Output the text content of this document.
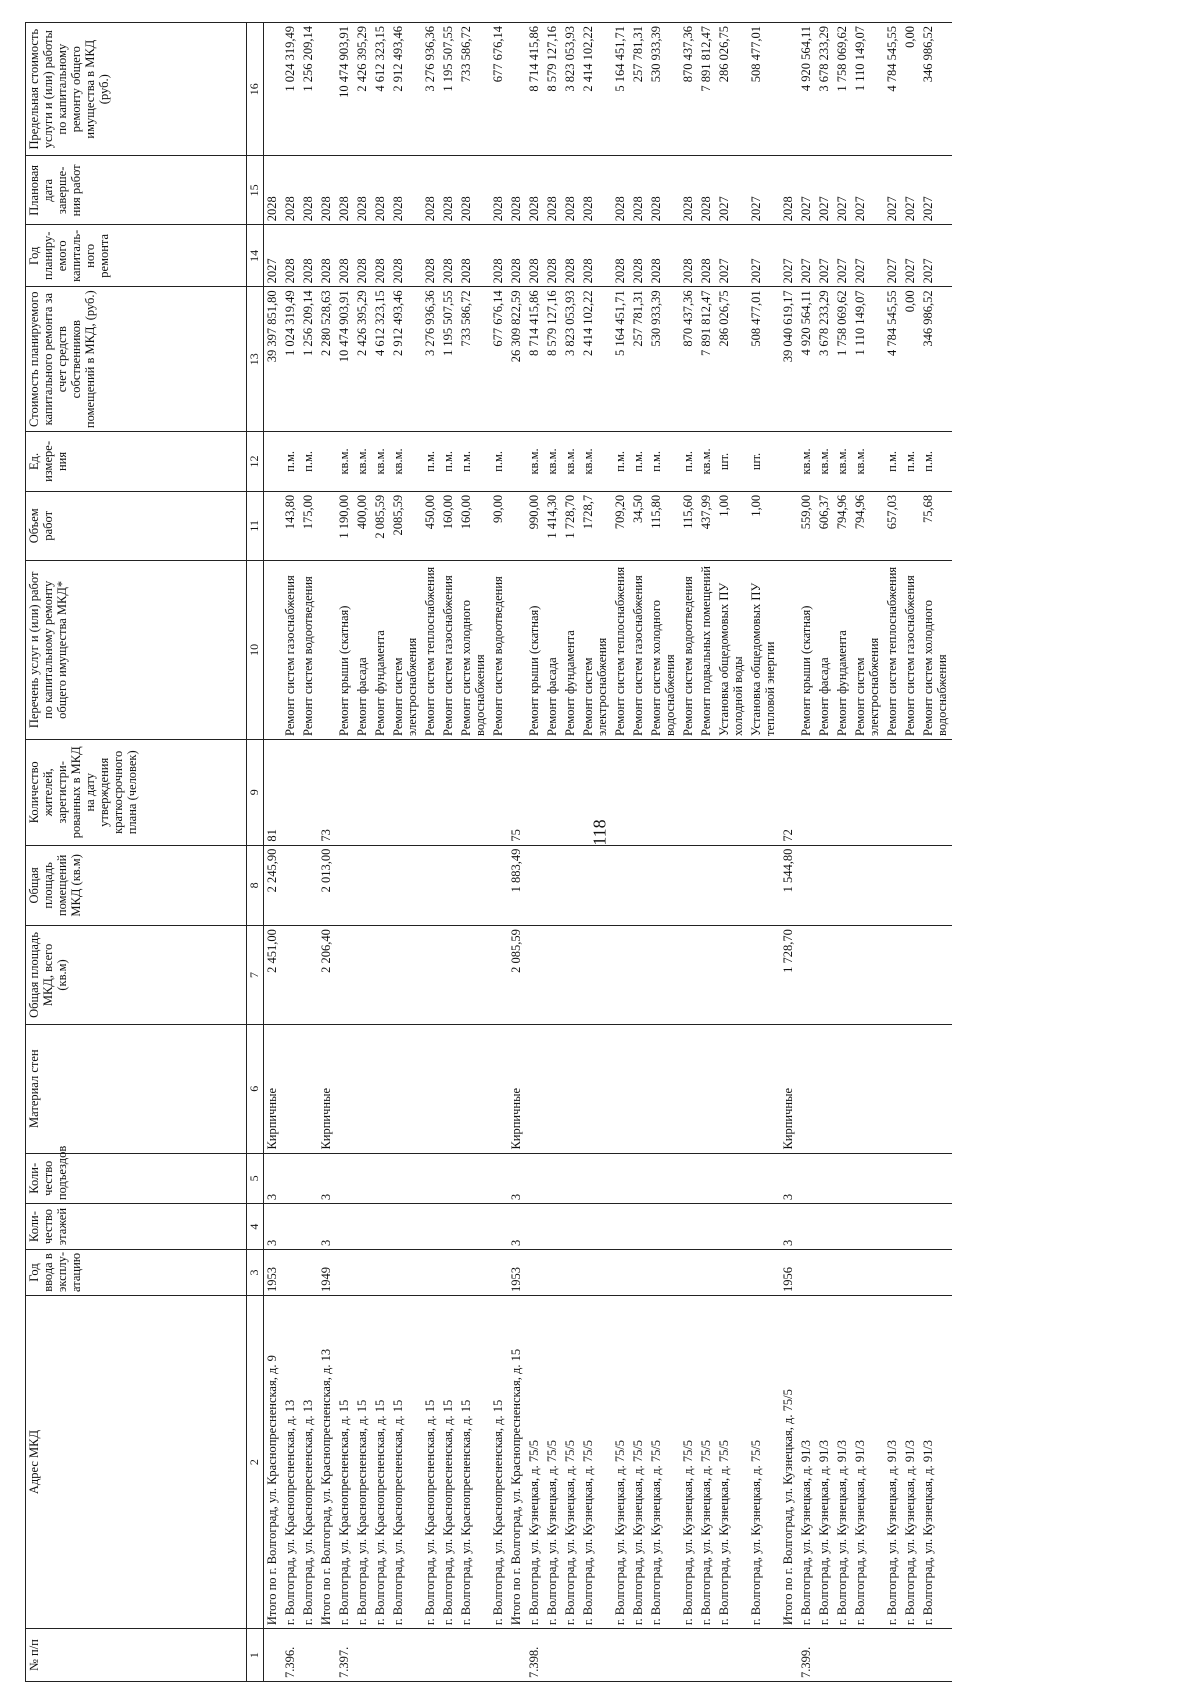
118
№ п/п	Адрес МКД	Год ввода в эксплу-атацию	Коли-чество этажей	Коли-чество подъездов	Материал стен	Общая площадь МКД, всего (кв.м)	Общая площадь помещений МКД (кв.м)	Количество жителей, зарегистри-рованных в МКД на дату утверждения краткосрочного плана (человек)	Перечень услуг и (или) работ по капитальному ремонту общего имущества МКД*	Объем работ	Ед. измере-ния	Стоимость планируемого капитального ремонта за счет средств собственников помещений в МКД, (руб.)	Год планиру-емого капиталь-ного ремонта	Плановая дата заверше-ния работ	Предельная стоимость услуги и (или) работы по капитальному ремонту общего имущества в МКД (руб.)
1	2	3	4	5	6	7	8	9	10	11	12	13	14	15	16
	Итого по г. Волгоград, ул. Краснопресненская, д. 9	1953	3	3	Кирпичные	2 451,00	2 245,90	81				39 397 851,80	2027	2028	
7.396.	г. Волгоград, ул. Краснопресненская, д. 13								Ремонт систем газоснабжения	143,80	п.м.	1 024 319,49	2028	2028	1 024 319,49
	г. Волгоград, ул. Краснопресненская, д. 13								Ремонт систем водоотведения	175,00	п.м.	1 256 209,14	2028	2028	1 256 209,14
	Итого по г. Волгоград, ул. Краснопресненская, д. 13	1949	3	3	Кирпичные	2 206,40	2 013,00	73				2 280 528,63	2028	2028	
7.397.	г. Волгоград, ул. Краснопресненская, д. 15								Ремонт крыши (скатная)	1 190,00	кв.м.	10 474 903,91	2028	2028	10 474 903,91
	г. Волгоград, ул. Краснопресненская, д. 15								Ремонт фасада	400,00	кв.м.	2 426 395,29	2028	2028	2 426 395,29
	г. Волгоград, ул. Краснопресненская, д. 15								Ремонт фундамента	2 085,59	кв.м.	4 612 323,15	2028	2028	4 612 323,15
	г. Волгоград, ул. Краснопресненская, д. 15								Ремонт систем электроснабжения	2085,59	кв.м.	2 912 493,46	2028	2028	2 912 493,46
	г. Волгоград, ул. Краснопресненская, д. 15								Ремонт систем теплоснабжения	450,00	п.м.	3 276 936,36	2028	2028	3 276 936,36
	г. Волгоград, ул. Краснопресненская, д. 15								Ремонт систем газоснабжения	160,00	п.м.	1 195 507,55	2028	2028	1 195 507,55
	г. Волгоград, ул. Краснопресненская, д. 15								Ремонт систем холодного водоснабжения	160,00	п.м.	733 586,72	2028	2028	733 586,72
	г. Волгоград, ул. Краснопресненская, д. 15								Ремонт систем водоотведения	90,00	п.м.	677 676,14	2028	2028	677 676,14
	Итого по г. Волгоград, ул. Краснопресненская, д. 15	1953	3	3	Кирпичные	2 085,59	1 883,49	75				26 309 822,59	2028	2028	
7.398.	г. Волгоград, ул. Кузнецкая, д. 75/5								Ремонт крыши (скатная)	990,00	кв.м.	8 714 415,86	2028	2028	8 714 415,86
	г. Волгоград, ул. Кузнецкая, д. 75/5								Ремонт фасада	1 414,30	кв.м.	8 579 127,16	2028	2028	8 579 127,16
	г. Волгоград, ул. Кузнецкая, д. 75/5								Ремонт фундамента	1 728,70	кв.м.	3 823 053,93	2028	2028	3 823 053,93
	г. Волгоград, ул. Кузнецкая, д. 75/5								Ремонт систем электроснабжения	1728,7	кв.м.	2 414 102,22	2028	2028	2 414 102,22
	г. Волгоград, ул. Кузнецкая, д. 75/5								Ремонт систем теплоснабжения	709,20	п.м.	5 164 451,71	2028	2028	5 164 451,71
	г. Волгоград, ул. Кузнецкая, д. 75/5								Ремонт систем газоснабжения	34,50	п.м.	257 781,31	2028	2028	257 781,31
	г. Волгоград, ул. Кузнецкая, д. 75/5								Ремонт систем холодного водоснабжения	115,80	п.м.	530 933,39	2028	2028	530 933,39
	г. Волгоград, ул. Кузнецкая, д. 75/5								Ремонт систем водоотведения	115,60	п.м.	870 437,36	2028	2028	870 437,36
	г. Волгоград, ул. Кузнецкая, д. 75/5								Ремонт подвальных помещений	437,99	кв.м.	7 891 812,47	2028	2028	7 891 812,47
	г. Волгоград, ул. Кузнецкая, д. 75/5								Установка общедомовых ПУ холодной воды	1,00	шт.	286 026,75	2027	2027	286 026,75
	г. Волгоград, ул. Кузнецкая, д. 75/5								Установка общедомовых ПУ тепловой энергии	1,00	шт.	508 477,01	2027	2027	508 477,01
	Итого по г. Волгоград, ул. Кузнецкая, д. 75/5	1956	3	3	Кирпичные	1 728,70	1 544,80	72				39 040 619,17	2027	2028	
7.399.	г. Волгоград, ул. Кузнецкая, д. 91/3								Ремонт крыши (скатная)	559,00	кв.м.	4 920 564,11	2027	2027	4 920 564,11
	г. Волгоград, ул. Кузнецкая, д. 91/3								Ремонт фасада	606,37	кв.м.	3 678 233,29	2027	2027	3 678 233,29
	г. Волгоград, ул. Кузнецкая, д. 91/3								Ремонт фундамента	794,96	кв.м.	1 758 069,62	2027	2027	1 758 069,62
	г. Волгоград, ул. Кузнецкая, д. 91/3								Ремонт систем электроснабжения	794,96	кв.м.	1 110 149,07	2027	2027	1 110 149,07
	г. Волгоград, ул. Кузнецкая, д. 91/3								Ремонт систем теплоснабжения	657,03	п.м.	4 784 545,55	2027	2027	4 784 545,55
	г. Волгоград, ул. Кузнецкая, д. 91/3								Ремонт систем газоснабжения		п.м.	0,00	2027	2027	0,00
	г. Волгоград, ул. Кузнецкая, д. 91/3								Ремонт систем холодного водоснабжения	75,68	п.м.	346 986,52	2027	2027	346 986,52
